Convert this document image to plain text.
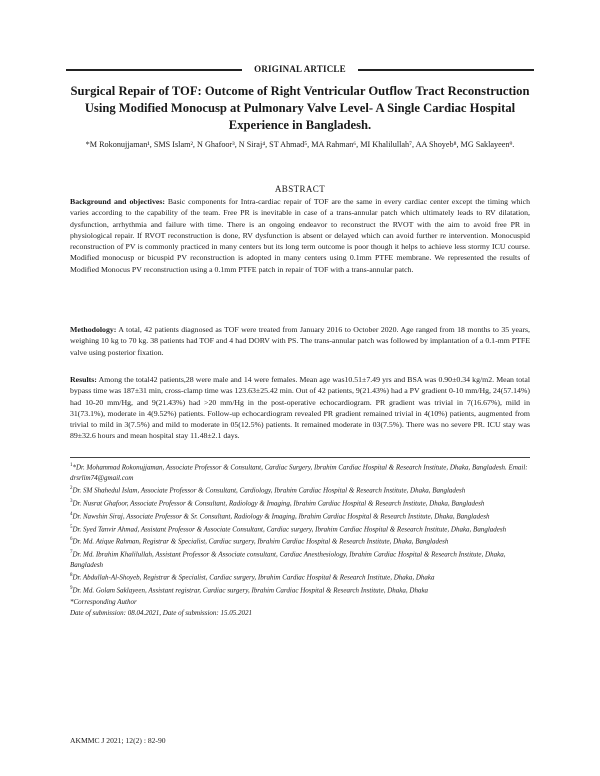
ORIGINAL ARTICLE
Surgical Repair of TOF: Outcome of Right Ventricular Outflow Tract Reconstruction Using Modified Monocusp at Pulmonary Valve Level- A Single Cardiac Hospital Experience in Bangladesh.
*M Rokonujjaman¹, SMS Islam², N Ghafoor³, N Siraj⁴, ST Ahmad⁵, MA Rahman⁶, MI Khalilullah⁷, AA Shoyeb⁸, MG Saklayeen⁹.
ABSTRACT

Background and objectives: Basic components for Intra-cardiac repair of TOF are the same in every cardiac center except the timing which varies according to the capability of the team. Free PR is inevitable in case of a trans-annular patch which ultimately leads to RV dilatation, dysfunction, arrhythmia and failure with time. There is an ongoing endeavor to reconstruct the RVOT with the aim to avoid free PR in physiological repair. If RVOT reconstruction is done, RV dysfunction is absent or delayed which can avoid further re intervention. Monocuspid reconstruction of PV is commonly practiced in many centers but its long term outcome is poor though it helps to achieve less stormy ICU course. Modified monocusp or bicuspid PV reconstruction is adopted in many centers using 0.1mm PTFE membrane. We represented the results of Modified Monocus PV reconstruction using a 0.1mm PTFE patch in repair of TOF with a trans-annular patch.

Methodology: A total, 42 patients diagnosed as TOF were treated from January 2016 to October 2020. Age ranged from 18 months to 35 years, weighing 10 kg to 70 kg. 38 patients had TOF and 4 had DORV with PS. The trans-annular patch was followed by implantation of a 0.1-mm PTFE valve using posterior fixation.

Results: Among the total42 patients,28 were male and 14 were females. Mean age was10.51±7.49 yrs and BSA was 0.90±0.34 kg/m2. Mean total bypass time was 187±31 min, cross-clamp time was 123.63±25.42 min. Out of 42 patients, 9(21.43%) had a PV gradient 0-10 mm/Hg, 24(57.14%) had 10-20 mm/Hg, and 9(21.43%) had >20 mm/Hg in the post-operative echocardiogram. PR gradient was trivial in 7(16.67%), mild in 31(73.1%), moderate in 4(9.52%) patients. Follow-up echocardiogram revealed PR gradient remained trivial in 4(10%) patients, augmented from trivial to mild in 3(7.5%) and mild to moderate in 05(12.5%) patients. It remained moderate in 03(7.5%). There was no severe PR. ICU stay was 89±32.6 hours and mean hospital stay 11.48±2.1 days.

$^1$*Dr. Mohammad Rokonujjaman, Associate Professor & Consultant, Cardiac Surgery, Ibrahim Cardiac Hospital & Research Institute, Dhaka, Bangladesh. Email: drsrlim74@gmail.com
$^2$Dr. SM Shahedul Islam, Associate Professor & Consultant, Cardiology, Ibrahim Cardiac Hospital & Research Institute, Dhaka, Bangladesh
$^3$Dr. Nusrat Ghafoor, Associate Professor & Consultant, Radiology & Imaging, Ibrahim Cardiac Hospital & Research Institute, Dhaka, Bangladesh
$^4$Dr. Nawshin Siraj, Associate Professor & Sr. Consultant, Radiology & Imaging, Ibrahim Cardiac Hospital & Research Institute, Dhaka, Bangladesh
$^5$Dr. Syed Tanvir Ahmad, Assistant Professor & Associate Consultant, Cardiac surgery, Ibrahim Cardiac Hospital & Research Institute, Dhaka, Bangladesh
$^6$Dr. Md. Atique Rahman, Registrar & Specialist, Cardiac surgery, Ibrahim Cardiac Hospital & Research Institute, Dhaka, Bangladesh
$^7$Dr. Md. Ibrahim Khalilullah, Assistant Professor & Associate consultant, Cardiac Anesthesiology, Ibrahim Cardiac Hospital & Research Institute, Dhaka, Bangladesh
$^8$Dr. Abdullah-Al-Shoyeb, Registrar & Specialist, Cardiac surgery, Ibrahim Cardiac Hospital & Research Institute, Dhaka, Dhaka
$^9$Dr. Md. Golam Saklayeen, Assistant registrar, Cardiac surgery, Ibrahim Cardiac Hospital & Research Institute, Dhaka, Dhaka
*Corresponding Author
Date of submission: 08.04.2021, Date of submission: 15.05.2021
AKMMC J 2021; 12(2) : 82-90
